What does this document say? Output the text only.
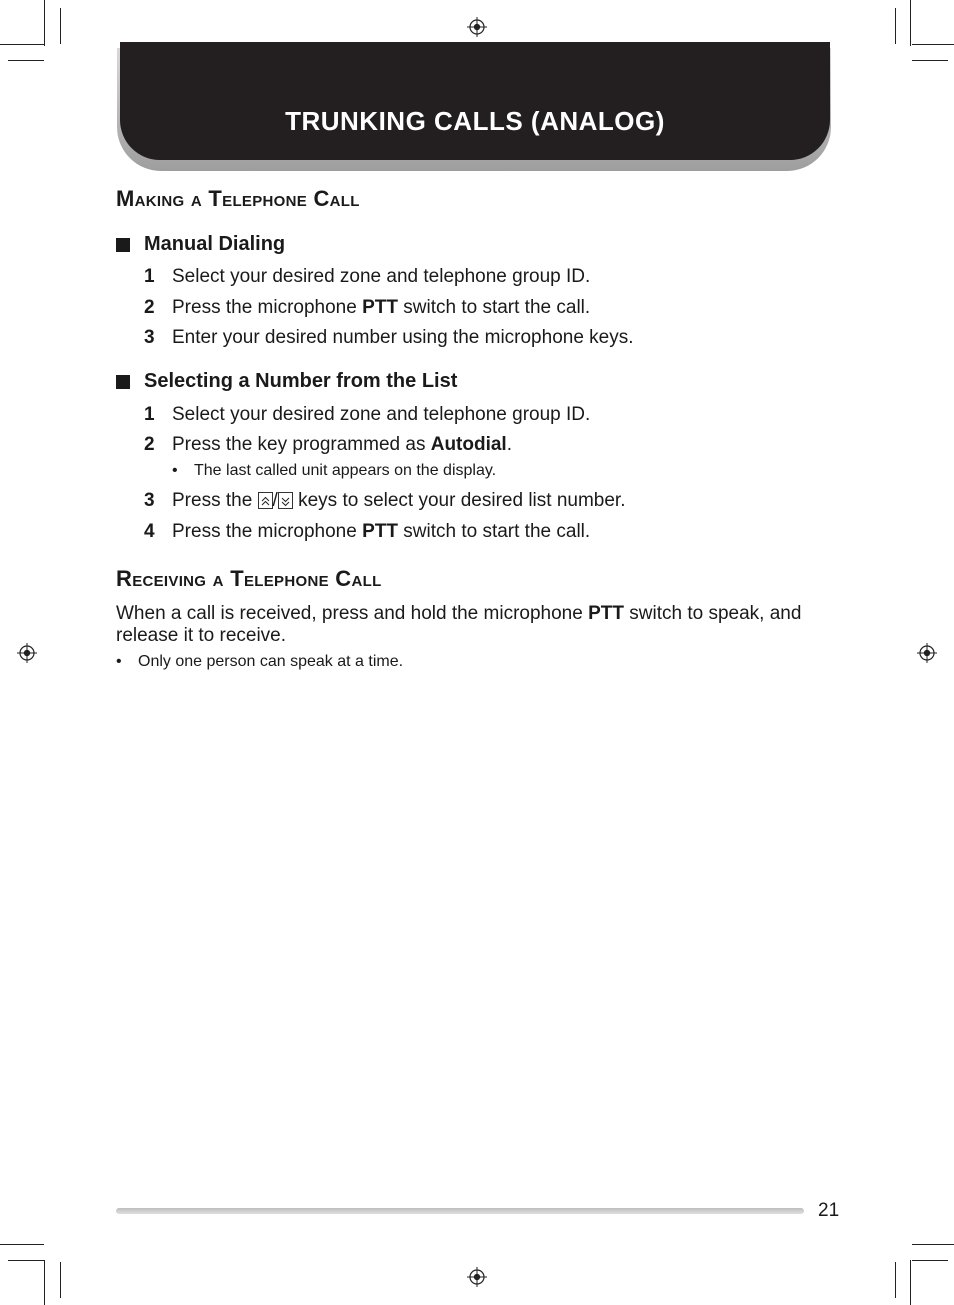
TRUNKING CALLS (ANALOG)
Making a Telephone Call
Manual Dialing
1 Select your desired zone and telephone group ID.
2 Press the microphone PTT switch to start the call.
3 Enter your desired number using the microphone keys.
Selecting a Number from the List
1 Select your desired zone and telephone group ID.
2 Press the key programmed as Autodial.
•	The last called unit appears on the display.
3 Press the / keys to select your desired list number.
4 Press the microphone PTT switch to start the call.
Receiving a Telephone Call
When a call is received, press and hold the microphone PTT switch to speak, and release it to receive.
•	Only one person can speak at a time.
21
